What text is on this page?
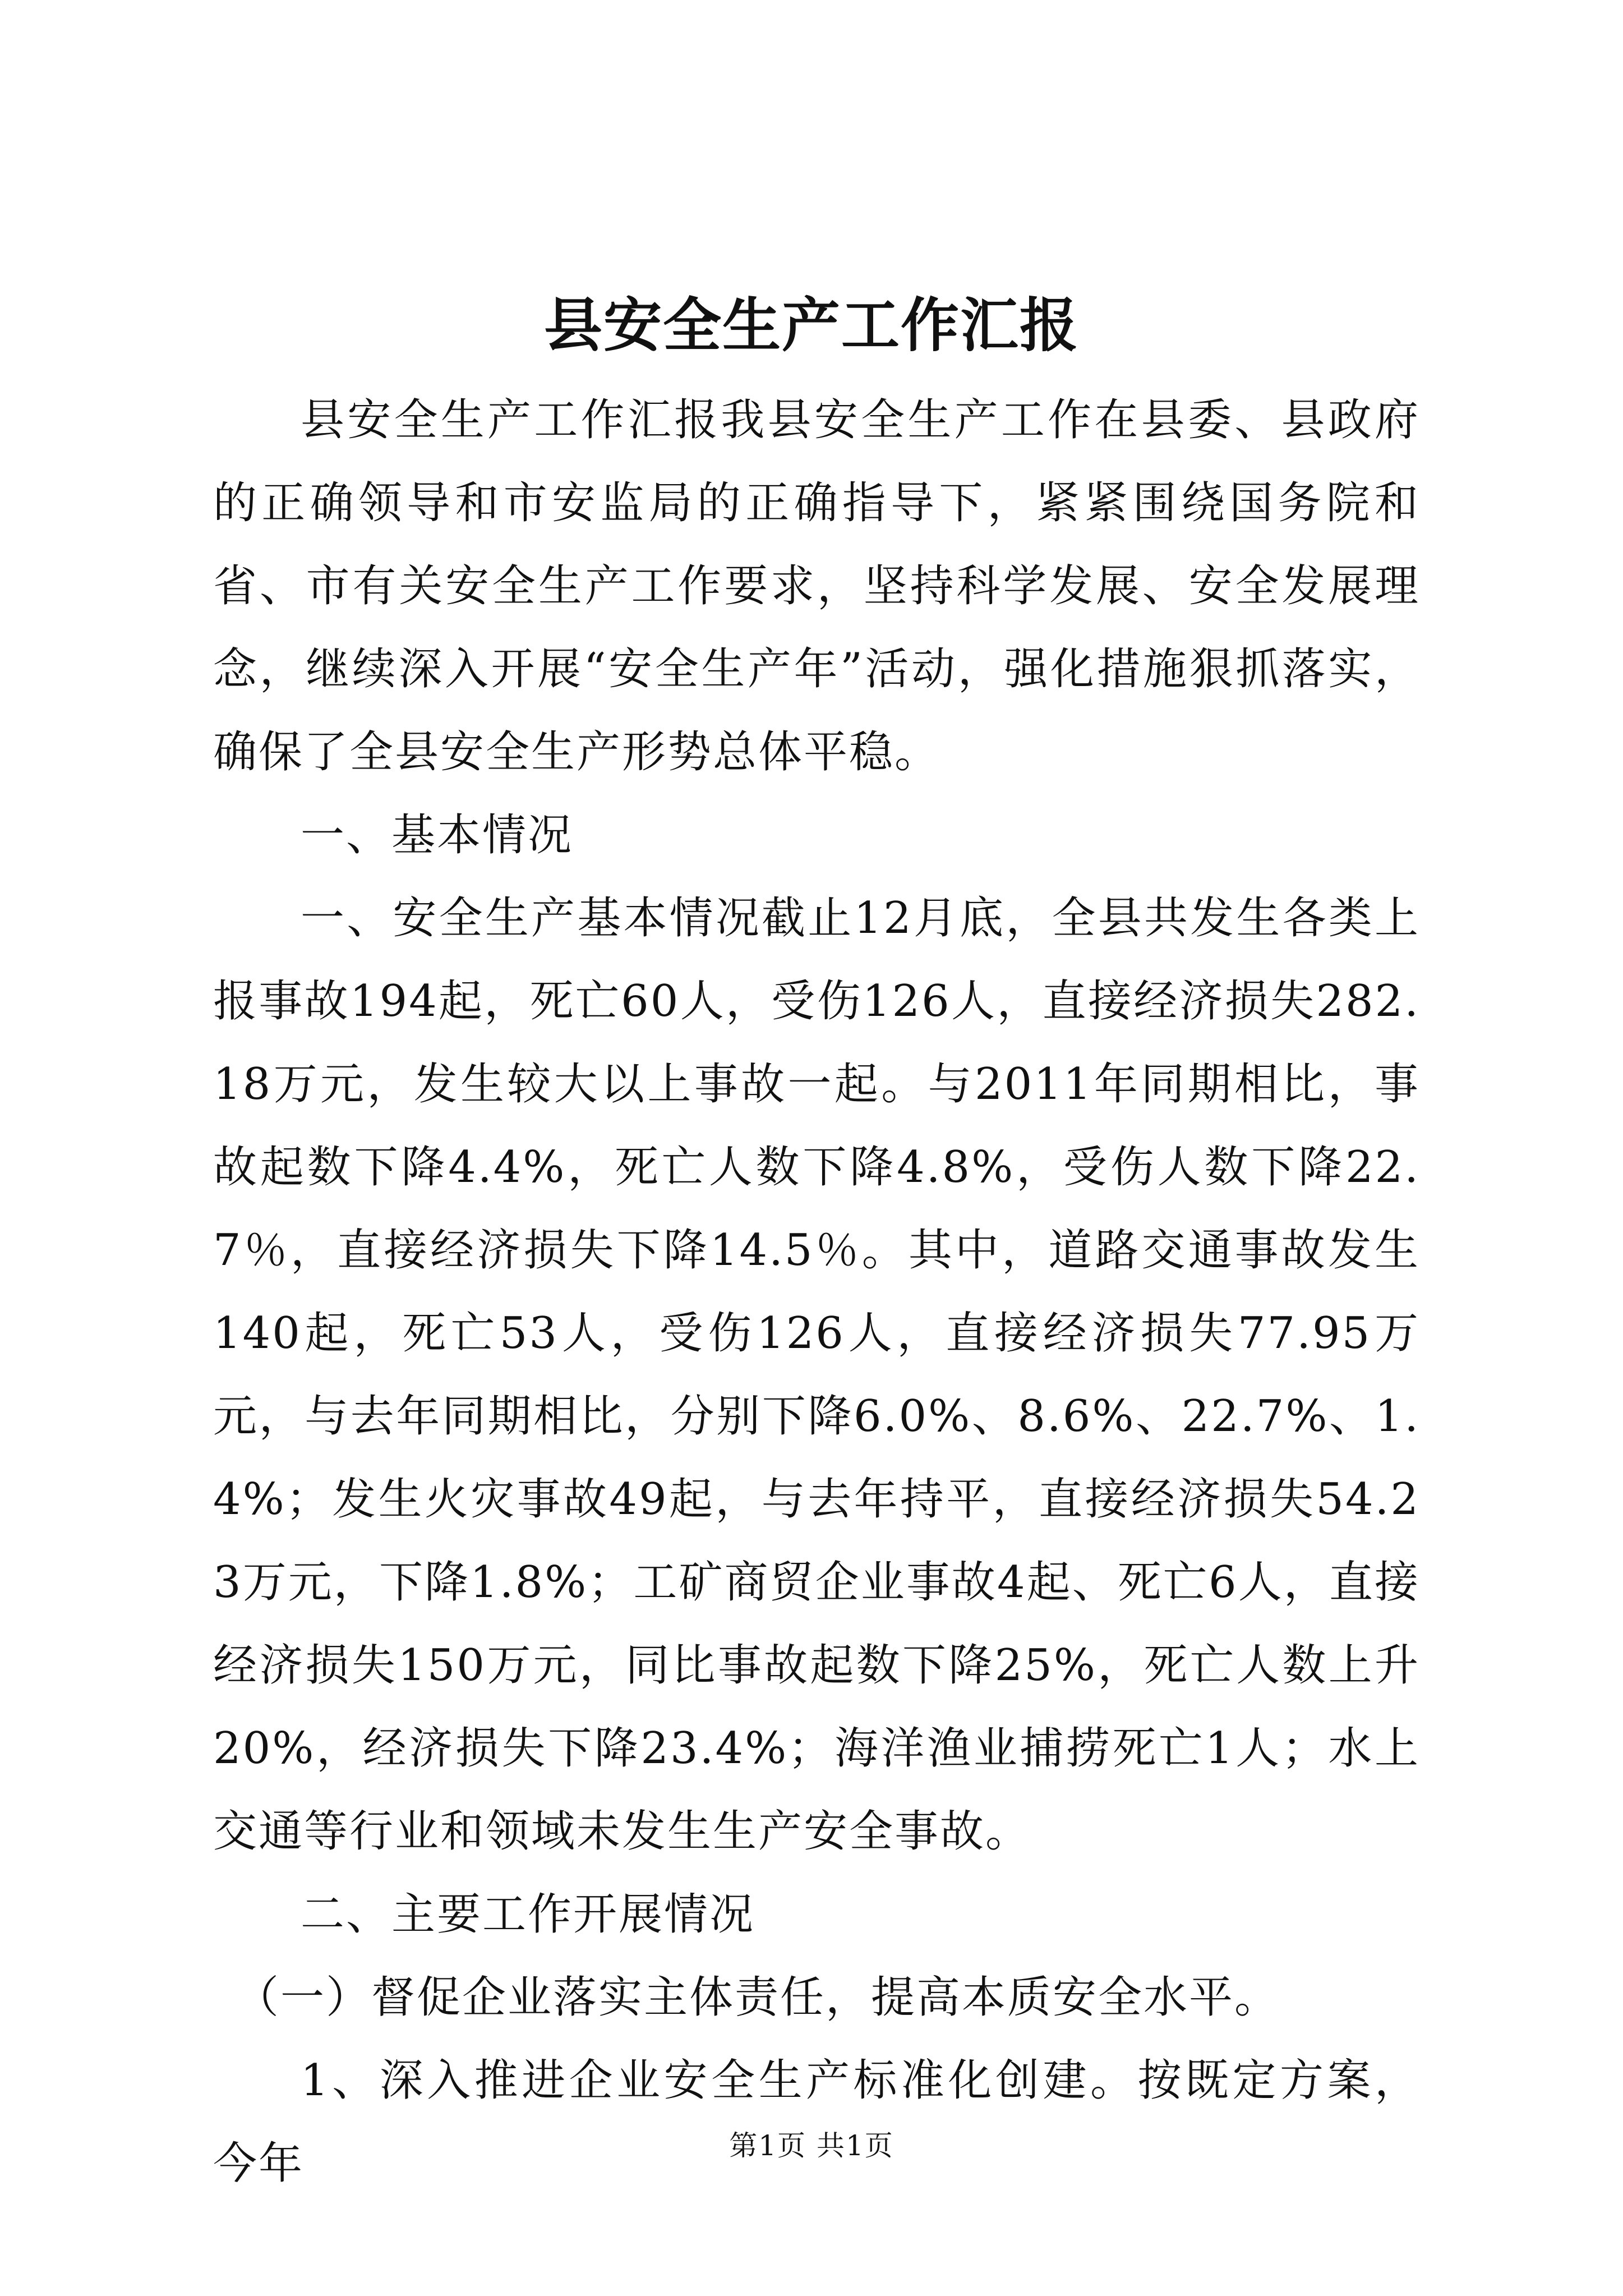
县安全生产工作汇报

县安全生产工作汇报我县安全生产工作在县委、县政府的正确领导和市安监局的正确指导下，紧紧围绕国务院和省、市有关安全生产工作要求，坚持科学发展、安全发展理念，继续深入开展“安全生产年”活动，强化措施狠抓落实，确保了全县安全生产形势总体平稳。

一、基本情况

一、安全生产基本情况截止12月底，全县共发生各类上报事故194起，死亡60人，受伤126人，直接经济损失282.18万元，发生较大以上事故一起。与2011年同期相比，事故起数下降4.4%，死亡人数下降4.8%，受伤人数下降22.7％，直接经济损失下降14.5％。其中，道路交通事故发生140起，死亡53人，受伤126人，直接经济损失77.95万元，与去年同期相比，分别下降6.0%、8.6%、22.7%、1.4%；发生火灾事故49起，与去年持平，直接经济损失54.23万元，下降1.8%；工矿商贸企业事故4起、死亡6人，直接经济损失150万元，同比事故起数下降25%，死亡人数上升20%，经济损失下降23.4%；海洋渔业捕捞死亡1人；水上交通等行业和领域未发生生产安全事故。

二、主要工作开展情况

（一）督促企业落实主体责任，提高本质安全水平。

1、深入推进企业安全生产标准化创建。按既定方案，今年	第1页 共1页
